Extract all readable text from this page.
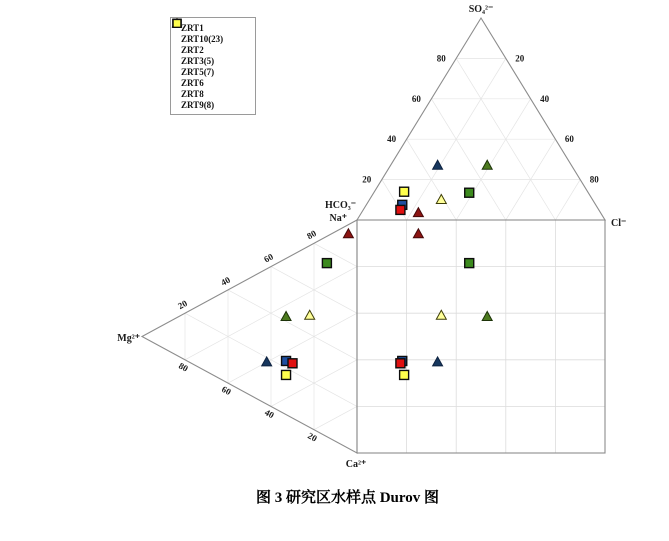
80
60
40
20
20
40
60
80
80
60
40
20
80
60
40
20
SO₄²⁻
HCO₃⁻
Na⁺	Cl⁻
Mg²⁺
Ca²⁺
ZRT1
ZRT10(23)
ZRT2
ZRT3(5)
ZRT5(7)
ZRT6
ZRT8
ZRT9(8)
图 3 研究区水样点 Durov 图
